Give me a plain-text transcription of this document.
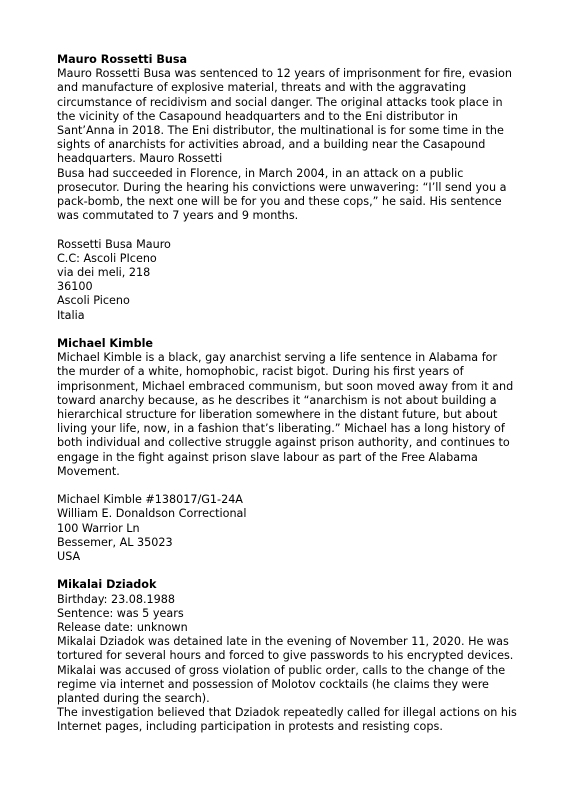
Mauro Rossetti Busa

Mauro Rossetti Busa was sentenced to 12 years of imprisonment for fire, evasion and manufacture of explosive material, threats and with the aggravating circumstance of recidivism and social danger. The original attacks took place in the vicinity of the Casapound headquarters and to the Eni distributor in Sant’Anna in 2018. The Eni distributor, the multinational is for some time in the sights of anarchists for activities abroad, and a building near the Casapound headquarters. Mauro Rossetti

Busa had succeeded in Florence, in March 2004, in an attack on a public prosecutor. During the hearing his convictions were unwavering: “I’ll send you a pack-bomb, the next one will be for you and these cops,” he said. His sentence was commutated to 7 years and 9 months.

Rossetti Busa Mauro
C.C: Ascoli PIceno
via dei meli, 218
36100
Ascoli Piceno
Italia
Michael Kimble

Michael Kimble is a black, gay anarchist serving a life sentence in Alabama for the murder of a white, homophobic, racist bigot. During his first years of imprisonment, Michael embraced communism, but soon moved away from it and toward anarchy because, as he describes it “anarchism is not about building a hierarchical structure for liberation somewhere in the distant future, but about living your life, now, in a fashion that’s liberating.” Michael has a long history of both individual and collective struggle against prison authority, and continues to engage in the fight against prison slave labour as part of the Free Alabama Movement.

Michael Kimble #138017/G1-24A
William E. Donaldson Correctional
100 Warrior Ln
Bessemer, AL 35023
USA
Mikalai Dziadok
Birthday: 23.08.1988
Sentence: was 5 years
Release date: unknown

Mikalai Dziadok was detained late in the evening of November 11, 2020. He was tortured for several hours and forced to give passwords to his encrypted devices. Mikalai was accused of gross violation of public order, calls to the change of the regime via internet and possession of Molotov cocktails (he claims they were planted during the search).

The investigation believed that Dziadok repeatedly called for illegal actions on his Internet pages, including participation in protests and resisting cops.
